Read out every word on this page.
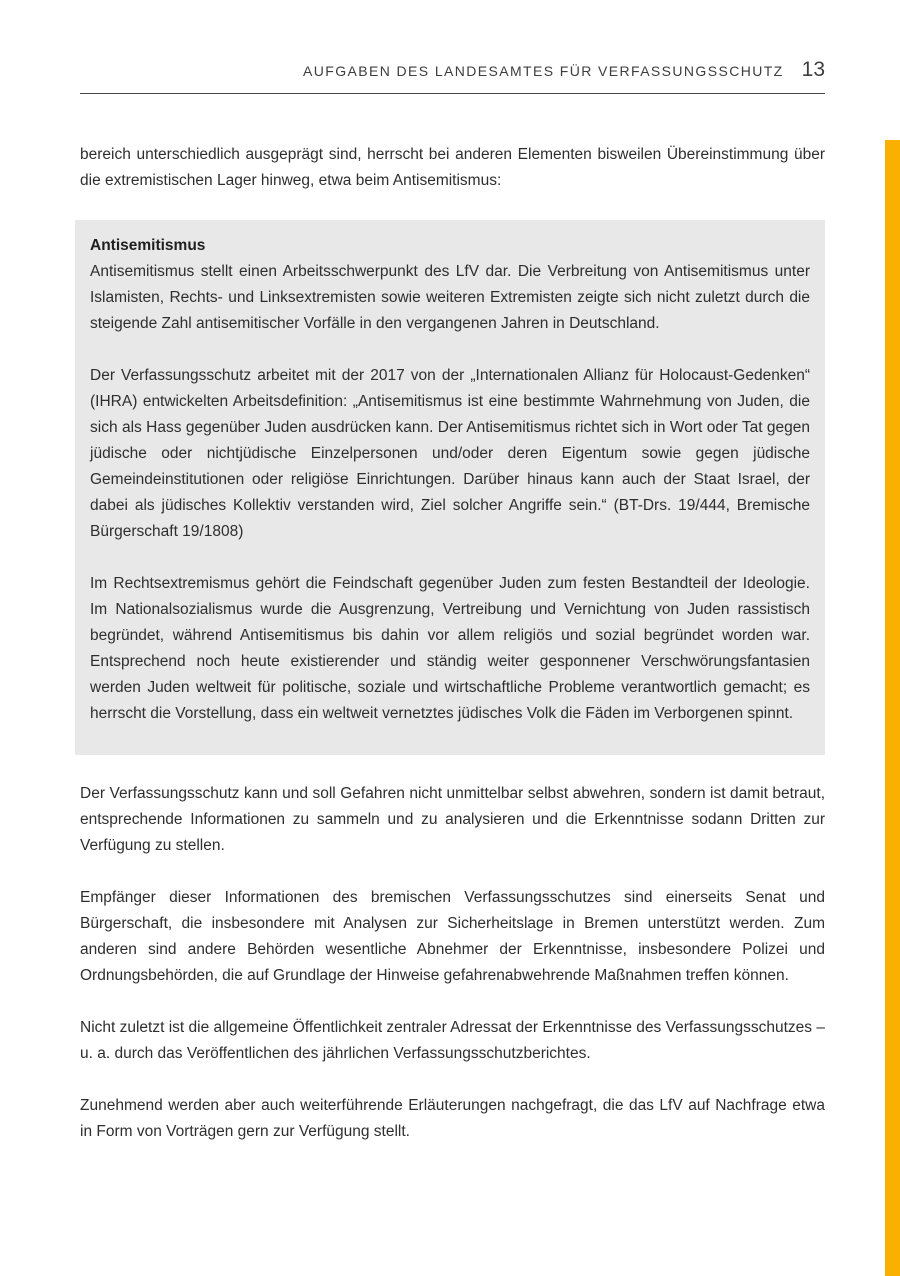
AUFGABEN DES LANDESAMTES FÜR VERFASSUNGSSCHUTZ 13

bereich unterschiedlich ausgeprägt sind, herrscht bei anderen Elementen bisweilen Übereinstimmung über die extremistischen Lager hinweg, etwa beim Antisemitismus:

Antisemitismus

Antisemitismus stellt einen Arbeitsschwerpunkt des LfV dar. Die Verbreitung von Antisemitismus unter Islamisten, Rechts- und Linksextremisten sowie weiteren Extremisten zeigte sich nicht zuletzt durch die steigende Zahl antisemitischer Vorfälle in den vergangenen Jahren in Deutschland.

Der Verfassungsschutz arbeitet mit der 2017 von der „Internationalen Allianz für Holocaust-Gedenken“ (IHRA) entwickelten Arbeitsdefinition: „Antisemitismus ist eine bestimmte Wahrnehmung von Juden, die sich als Hass gegenüber Juden ausdrücken kann. Der Antisemitismus richtet sich in Wort oder Tat gegen jüdische oder nichtjüdische Einzelpersonen und/oder deren Eigentum sowie gegen jüdische Gemeindeinstitutionen oder religiöse Einrichtungen. Darüber hinaus kann auch der Staat Israel, der dabei als jüdisches Kollektiv verstanden wird, Ziel solcher Angriffe sein.“ (BT-Drs. 19/444, Bremische Bürgerschaft 19/1808)

Im Rechtsextremismus gehört die Feindschaft gegenüber Juden zum festen Bestandteil der Ideologie. Im Nationalsozialismus wurde die Ausgrenzung, Vertreibung und Vernichtung von Juden rassistisch begründet, während Antisemitismus bis dahin vor allem religiös und sozial begründet worden war. Entsprechend noch heute existierender und ständig weiter gesponnener Verschwörungsfantasien werden Juden weltweit für politische, soziale und wirtschaftliche Probleme verantwortlich gemacht; es herrscht die Vorstellung, dass ein weltweit vernetztes jüdisches Volk die Fäden im Verborgenen spinnt.

Der Verfassungsschutz kann und soll Gefahren nicht unmittelbar selbst abwehren, sondern ist damit betraut, entsprechende Informationen zu sammeln und zu analysieren und die Erkenntnisse sodann Dritten zur Verfügung zu stellen.

Empfänger dieser Informationen des bremischen Verfassungsschutzes sind einerseits Senat und Bürgerschaft, die insbesondere mit Analysen zur Sicherheitslage in Bremen unterstützt werden. Zum anderen sind andere Behörden wesentliche Abnehmer der Erkenntnisse, insbesondere Polizei und Ordnungsbehörden, die auf Grundlage der Hinweise gefahrenabwehrende Maßnahmen treffen können.

Nicht zuletzt ist die allgemeine Öffentlichkeit zentraler Adressat der Erkenntnisse des Verfassungsschutzes – u. a. durch das Veröffentlichen des jährlichen Verfassungsschutzberichtes.

Zunehmend werden aber auch weiterführende Erläuterungen nachgefragt, die das LfV auf Nachfrage etwa in Form von Vorträgen gern zur Verfügung stellt.
